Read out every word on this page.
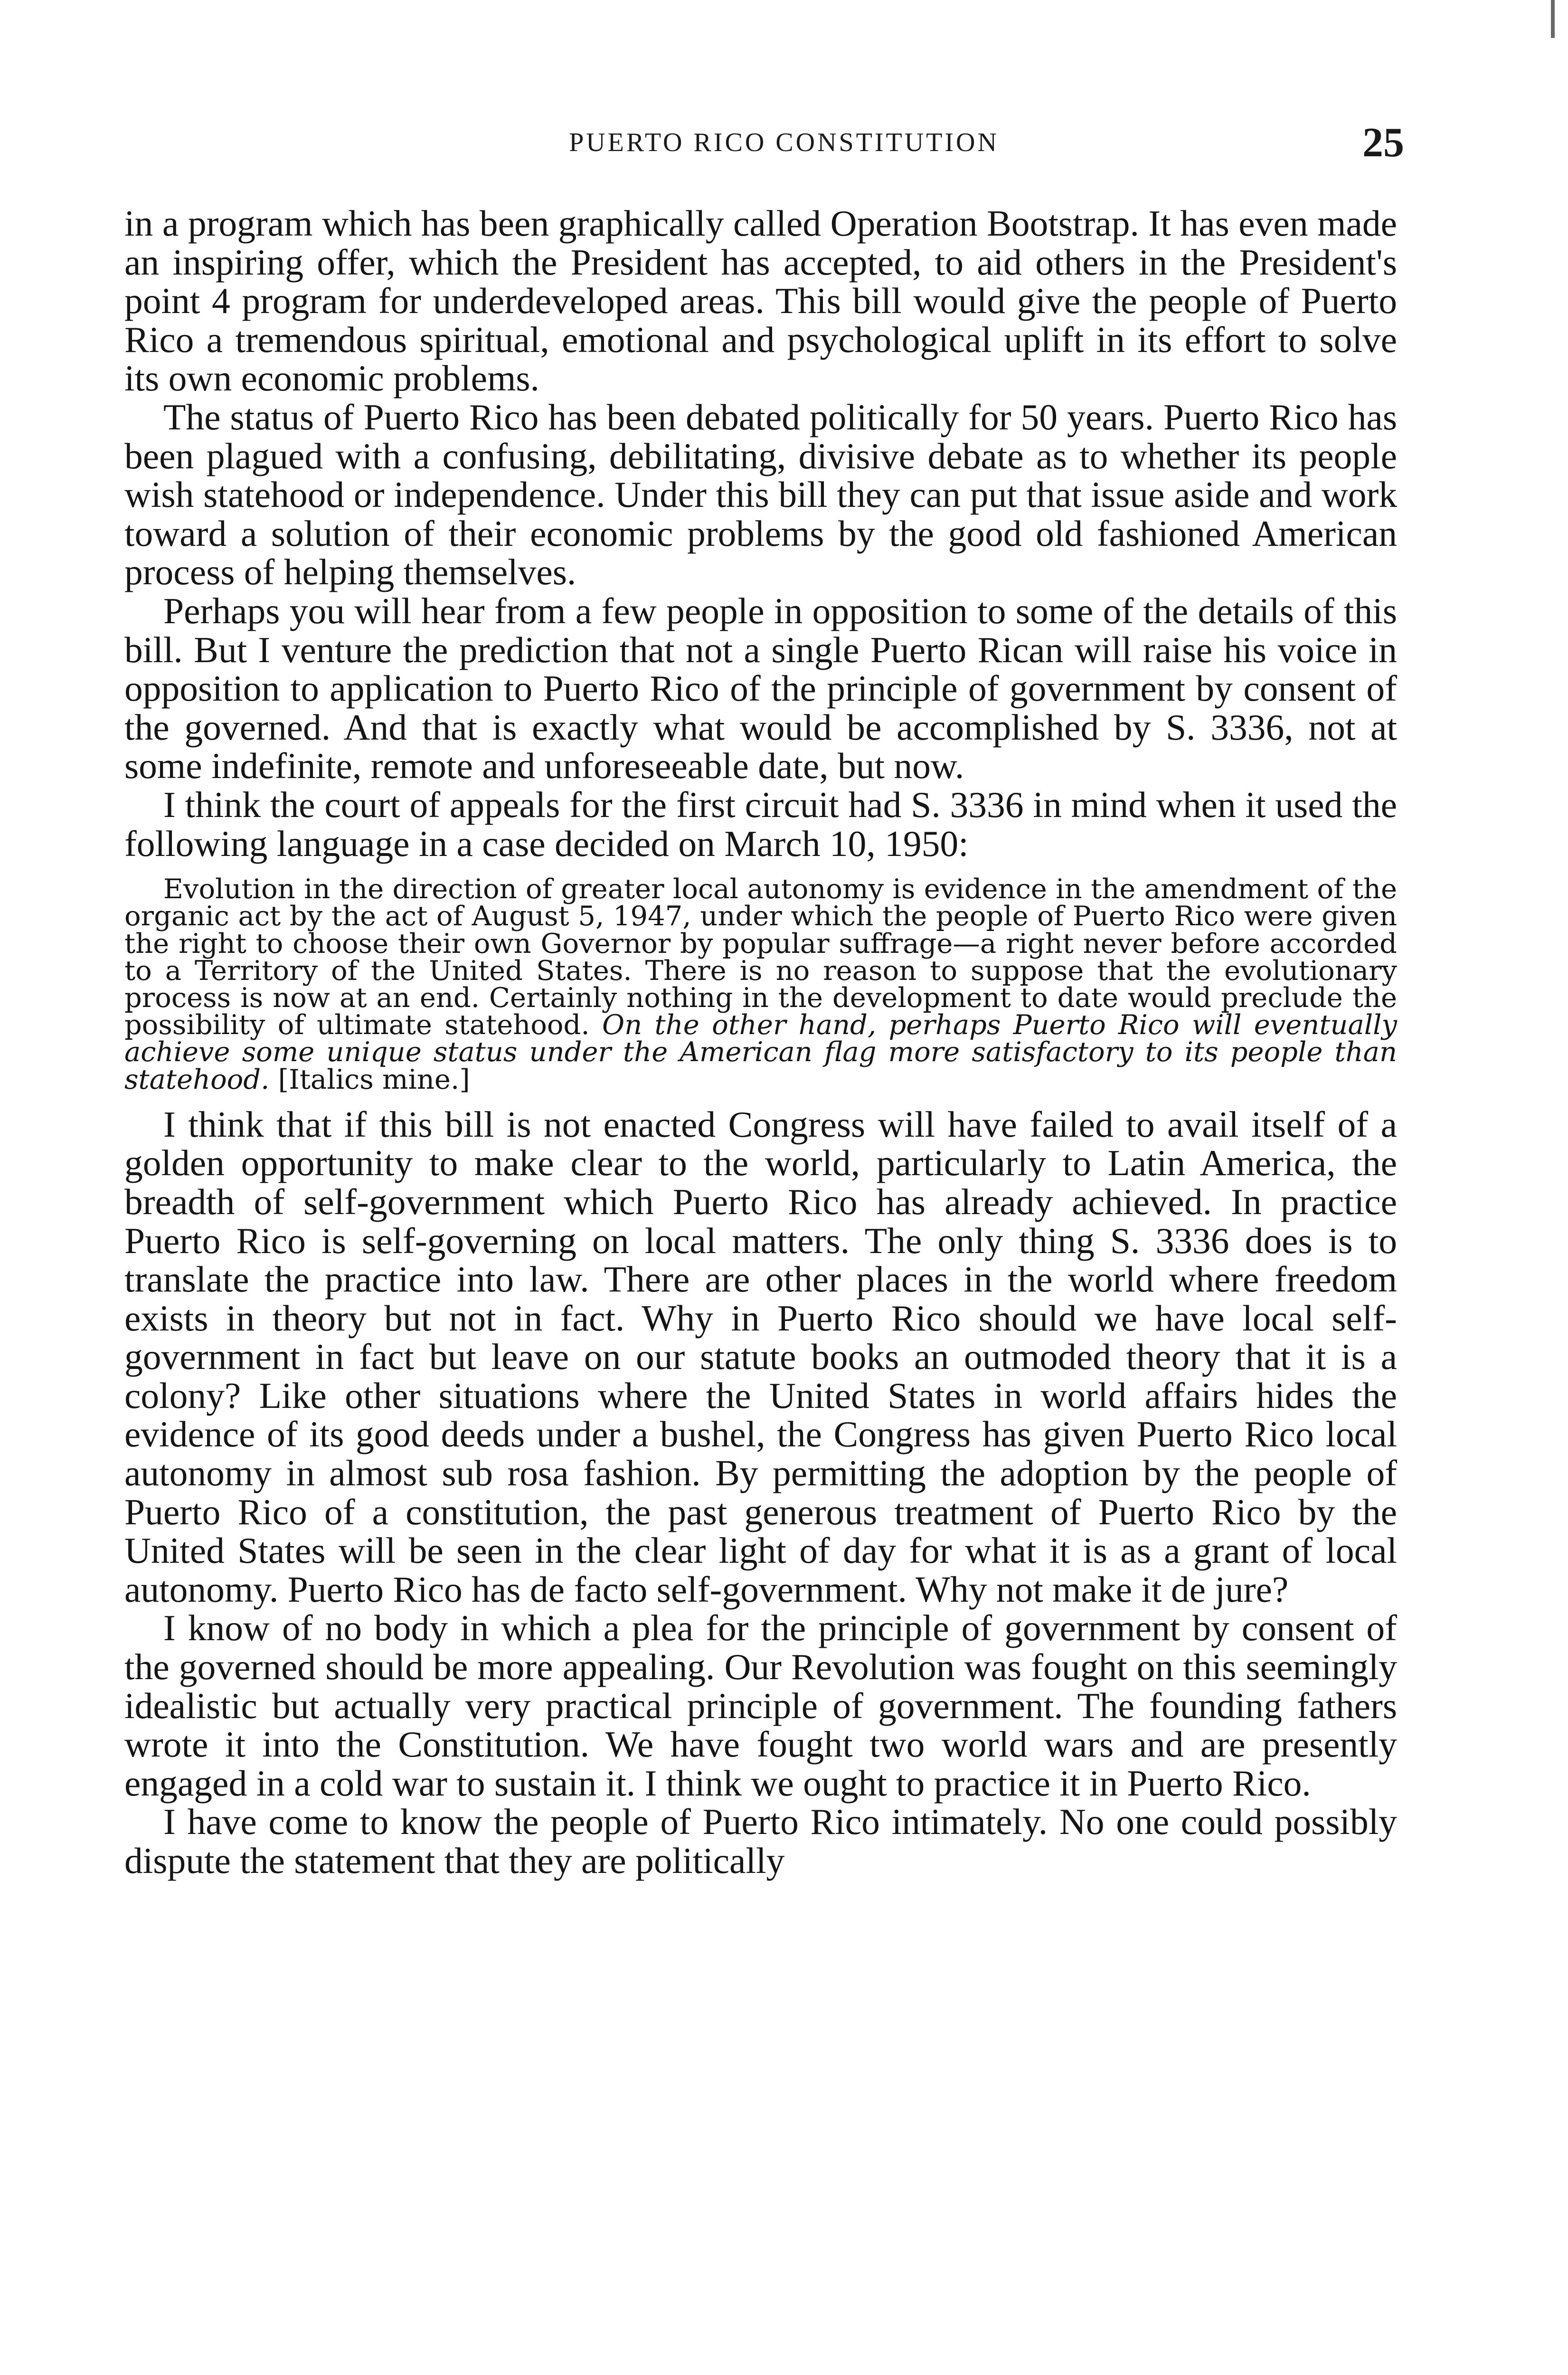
PUERTO RICO CONSTITUTION	25

in a program which has been graphically called Operation Bootstrap. It has even made an inspiring offer, which the President has accepted, to aid others in the President's point 4 program for underdeveloped areas. This bill would give the people of Puerto Rico a tremendous spiritual, emotional and psychological uplift in its effort to solve its own economic problems.

The status of Puerto Rico has been debated politically for 50 years. Puerto Rico has been plagued with a confusing, debilitating, divisive debate as to whether its people wish statehood or independence. Under this bill they can put that issue aside and work toward a solution of their economic problems by the good old fashioned American process of helping themselves.

Perhaps you will hear from a few people in opposition to some of the details of this bill. But I venture the prediction that not a single Puerto Rican will raise his voice in opposition to application to Puerto Rico of the principle of government by consent of the governed. And that is exactly what would be accomplished by S. 3336, not at some indefinite, remote and unforeseeable date, but now.

I think the court of appeals for the first circuit had S. 3336 in mind when it used the following language in a case decided on March 10, 1950:

Evolution in the direction of greater local autonomy is evidence in the amendment of the organic act by the act of August 5, 1947, under which the people of Puerto Rico were given the right to choose their own Governor by popular suffrage—a right never before accorded to a Territory of the United States. There is no reason to suppose that the evolutionary process is now at an end. Certainly nothing in the development to date would preclude the possibility of ultimate statehood. On the other hand, perhaps Puerto Rico will eventually achieve some unique status under the American flag more satisfactory to its people than statehood. [Italics mine.]

I think that if this bill is not enacted Congress will have failed to avail itself of a golden opportunity to make clear to the world, particularly to Latin America, the breadth of self-government which Puerto Rico has already achieved. In practice Puerto Rico is self-governing on local matters. The only thing S. 3336 does is to translate the practice into law. There are other places in the world where freedom exists in theory but not in fact. Why in Puerto Rico should we have local self-government in fact but leave on our statute books an outmoded theory that it is a colony? Like other situations where the United States in world affairs hides the evidence of its good deeds under a bushel, the Congress has given Puerto Rico local autonomy in almost sub rosa fashion. By permitting the adoption by the people of Puerto Rico of a constitution, the past generous treatment of Puerto Rico by the United States will be seen in the clear light of day for what it is as a grant of local autonomy. Puerto Rico has de facto self-government. Why not make it de jure?

I know of no body in which a plea for the principle of government by consent of the governed should be more appealing. Our Revolution was fought on this seemingly idealistic but actually very practical principle of government. The founding fathers wrote it into the Constitution. We have fought two world wars and are presently engaged in a cold war to sustain it. I think we ought to practice it in Puerto Rico.

I have come to know the people of Puerto Rico intimately. No one could possibly dispute the statement that they are politically
